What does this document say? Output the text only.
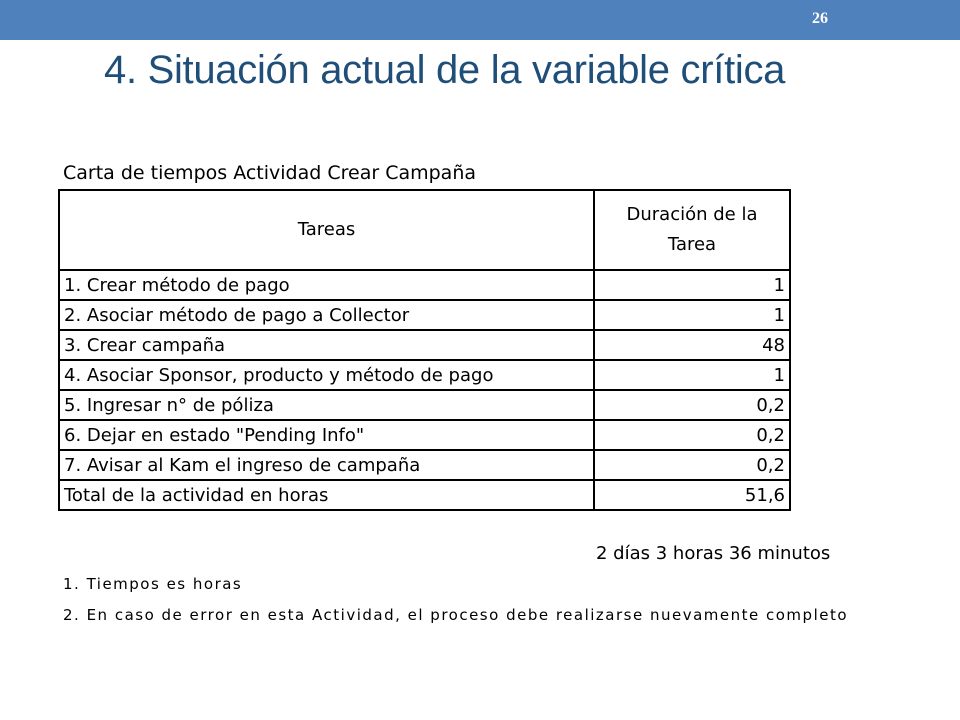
26
4. Situación actual de la variable crítica
Carta de tiempos Actividad Crear Campaña
Tareas	Duración de la Tarea

1. Crear método de pago	1
2. Asociar método de pago a Collector	1
3. Crear campaña	48
4. Asociar Sponsor, producto y método de pago	1
5. Ingresar n° de póliza	0,2
6. Dejar en estado "Pending Info"	0,2
7. Avisar al Kam el ingreso de campaña	0,2
Total de la actividad en horas	51,6
2 días 3 horas 36 minutos
1. Tiempos es horas
2. En caso de error en esta Actividad, el proceso debe realizarse nuevamente completo
